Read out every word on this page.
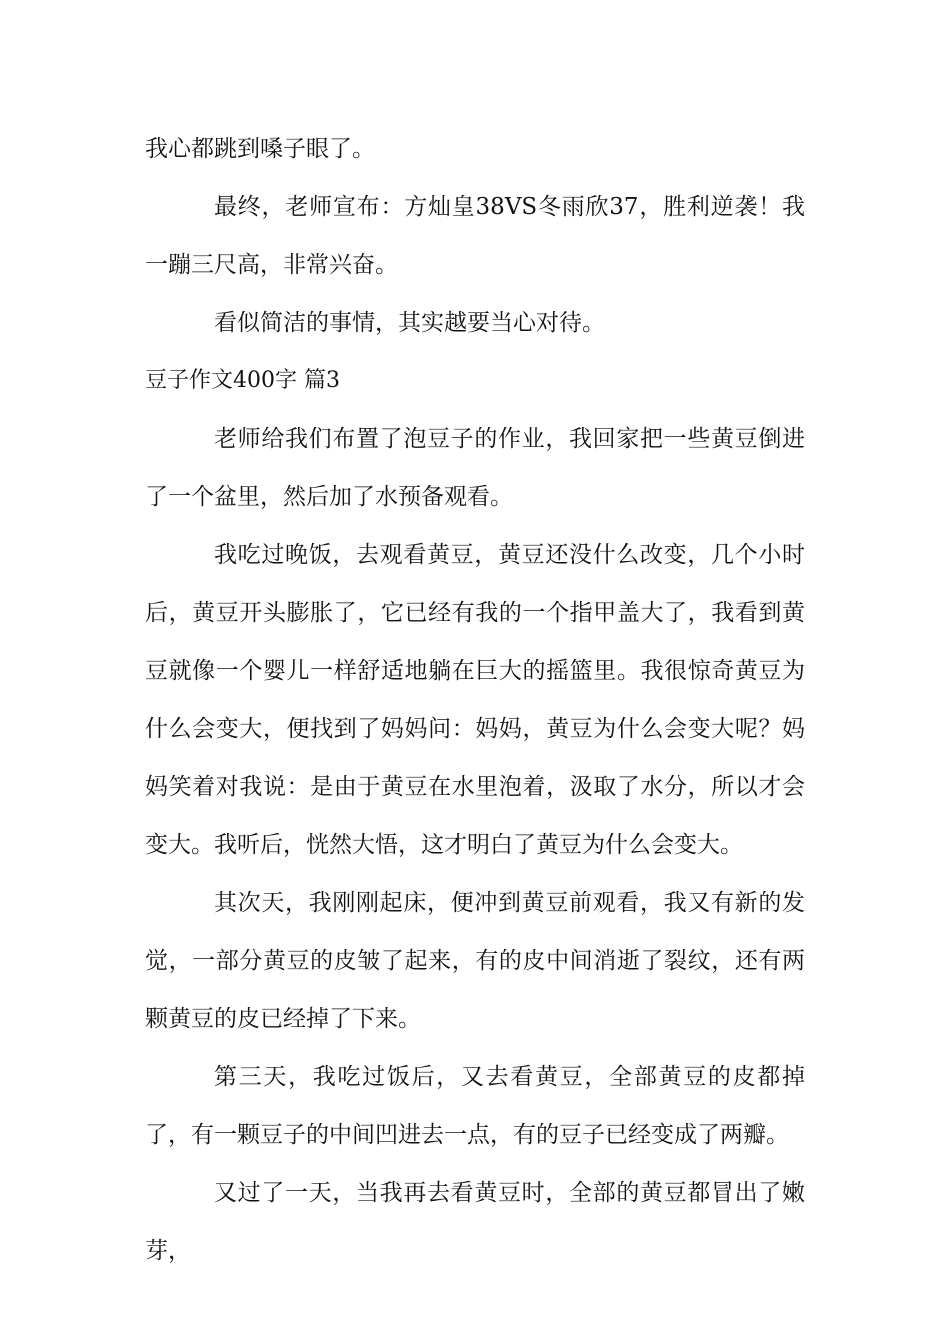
我心都跳到嗓子眼了。

最终，老师宣布：方灿皇38VS冬雨欣37，胜利逆袭！我一蹦三尺高，非常兴奋。

看似简洁的事情，其实越要当心对待。

豆子作文400字 篇3

老师给我们布置了泡豆子的作业，我回家把一些黄豆倒进了一个盆里，然后加了水预备观看。

我吃过晚饭，去观看黄豆，黄豆还没什么改变，几个小时后，黄豆开头膨胀了，它已经有我的一个指甲盖大了，我看到黄豆就像一个婴儿一样舒适地躺在巨大的摇篮里。我很惊奇黄豆为什么会变大，便找到了妈妈问：妈妈，黄豆为什么会变大呢？妈妈笑着对我说：是由于黄豆在水里泡着，汲取了水分，所以才会变大。我听后，恍然大悟，这才明白了黄豆为什么会变大。

其次天，我刚刚起床，便冲到黄豆前观看，我又有新的发觉，一部分黄豆的皮皱了起来，有的皮中间消逝了裂纹，还有两颗黄豆的皮已经掉了下来。

第三天，我吃过饭后，又去看黄豆，全部黄豆的皮都掉了，有一颗豆子的中间凹进去一点，有的豆子已经变成了两瓣。

又过了一天，当我再去看黄豆时，全部的黄豆都冒出了嫩芽，
